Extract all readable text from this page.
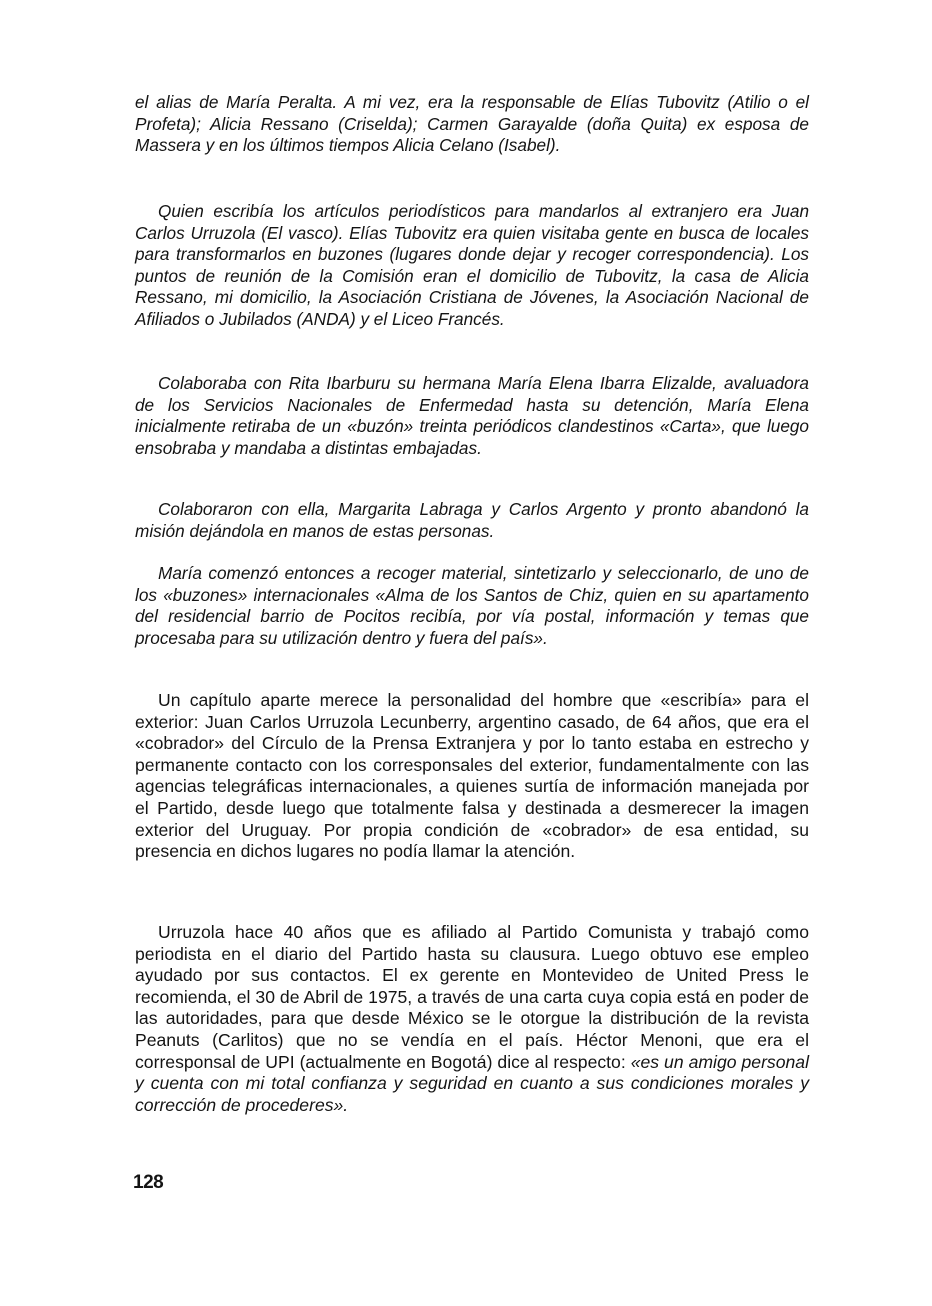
el alias de María Peralta. A mi vez, era la responsable de Elías Tubovitz (Atilio o el Profeta); Alicia Ressano (Criselda); Carmen Garayalde (doña Quita) ex esposa de Massera y en los últimos tiempos Alicia Celano (Isabel).

Quien escribía los artículos periodísticos para mandarlos al extranjero era Juan Carlos Urruzola (El vasco). Elías Tubovitz era quien visitaba gente en busca de locales para transformarlos en buzones (lugares donde dejar y recoger correspondencia). Los puntos de reunión de la Comisión eran el domicilio de Tubovitz, la casa de Alicia Ressano, mi domicilio, la Asociación Cristiana de Jóvenes, la Asociación Nacional de Afiliados o Jubilados (ANDA) y el Liceo Francés.

Colaboraba con Rita Ibarburu su hermana María Elena Ibarra Elizalde, avaluadora de los Servicios Nacionales de Enfermedad hasta su detención, María Elena inicialmente retiraba de un «buzón» treinta periódicos clandestinos «Carta», que luego ensobraba y mandaba a distintas embajadas.

Colaboraron con ella, Margarita Labraga y Carlos Argento y pronto abandonó la misión dejándola en manos de estas personas.

María comenzó entonces a recoger material, sintetizarlo y seleccionarlo, de uno de los «buzones» internacionales «Alma de los Santos de Chiz, quien en su apartamento del residencial barrio de Pocitos recibía, por vía postal, información y temas que procesaba para su utilización dentro y fuera del país».

Un capítulo aparte merece la personalidad del hombre que «escribía» para el exterior: Juan Carlos Urruzola Lecunberry, argentino casado, de 64 años, que era el «cobrador» del Círculo de la Prensa Extranjera y por lo tanto estaba en estrecho y permanente contacto con los corresponsales del exterior, fundamentalmente con las agencias telegráficas internacionales, a quienes surtía de información manejada por el Partido, desde luego que totalmente falsa y destinada a desmerecer la imagen exterior del Uruguay. Por propia condición de «cobrador» de esa entidad, su presencia en dichos lugares no podía llamar la atención.

Urruzola hace 40 años que es afiliado al Partido Comunista y trabajó como periodista en el diario del Partido hasta su clausura. Luego obtuvo ese empleo ayudado por sus contactos. El ex gerente en Montevideo de United Press le recomienda, el 30 de Abril de 1975, a través de una carta cuya copia está en poder de las autoridades, para que desde México se le otorgue la distribución de la revista Peanuts (Carlitos) que no se vendía en el país. Héctor Menoni, que era el corresponsal de UPI (actualmente en Bogotá) dice al respecto: «es un amigo personal y cuenta con mi total confianza y seguridad en cuanto a sus condiciones morales y corrección de procederes».

128
